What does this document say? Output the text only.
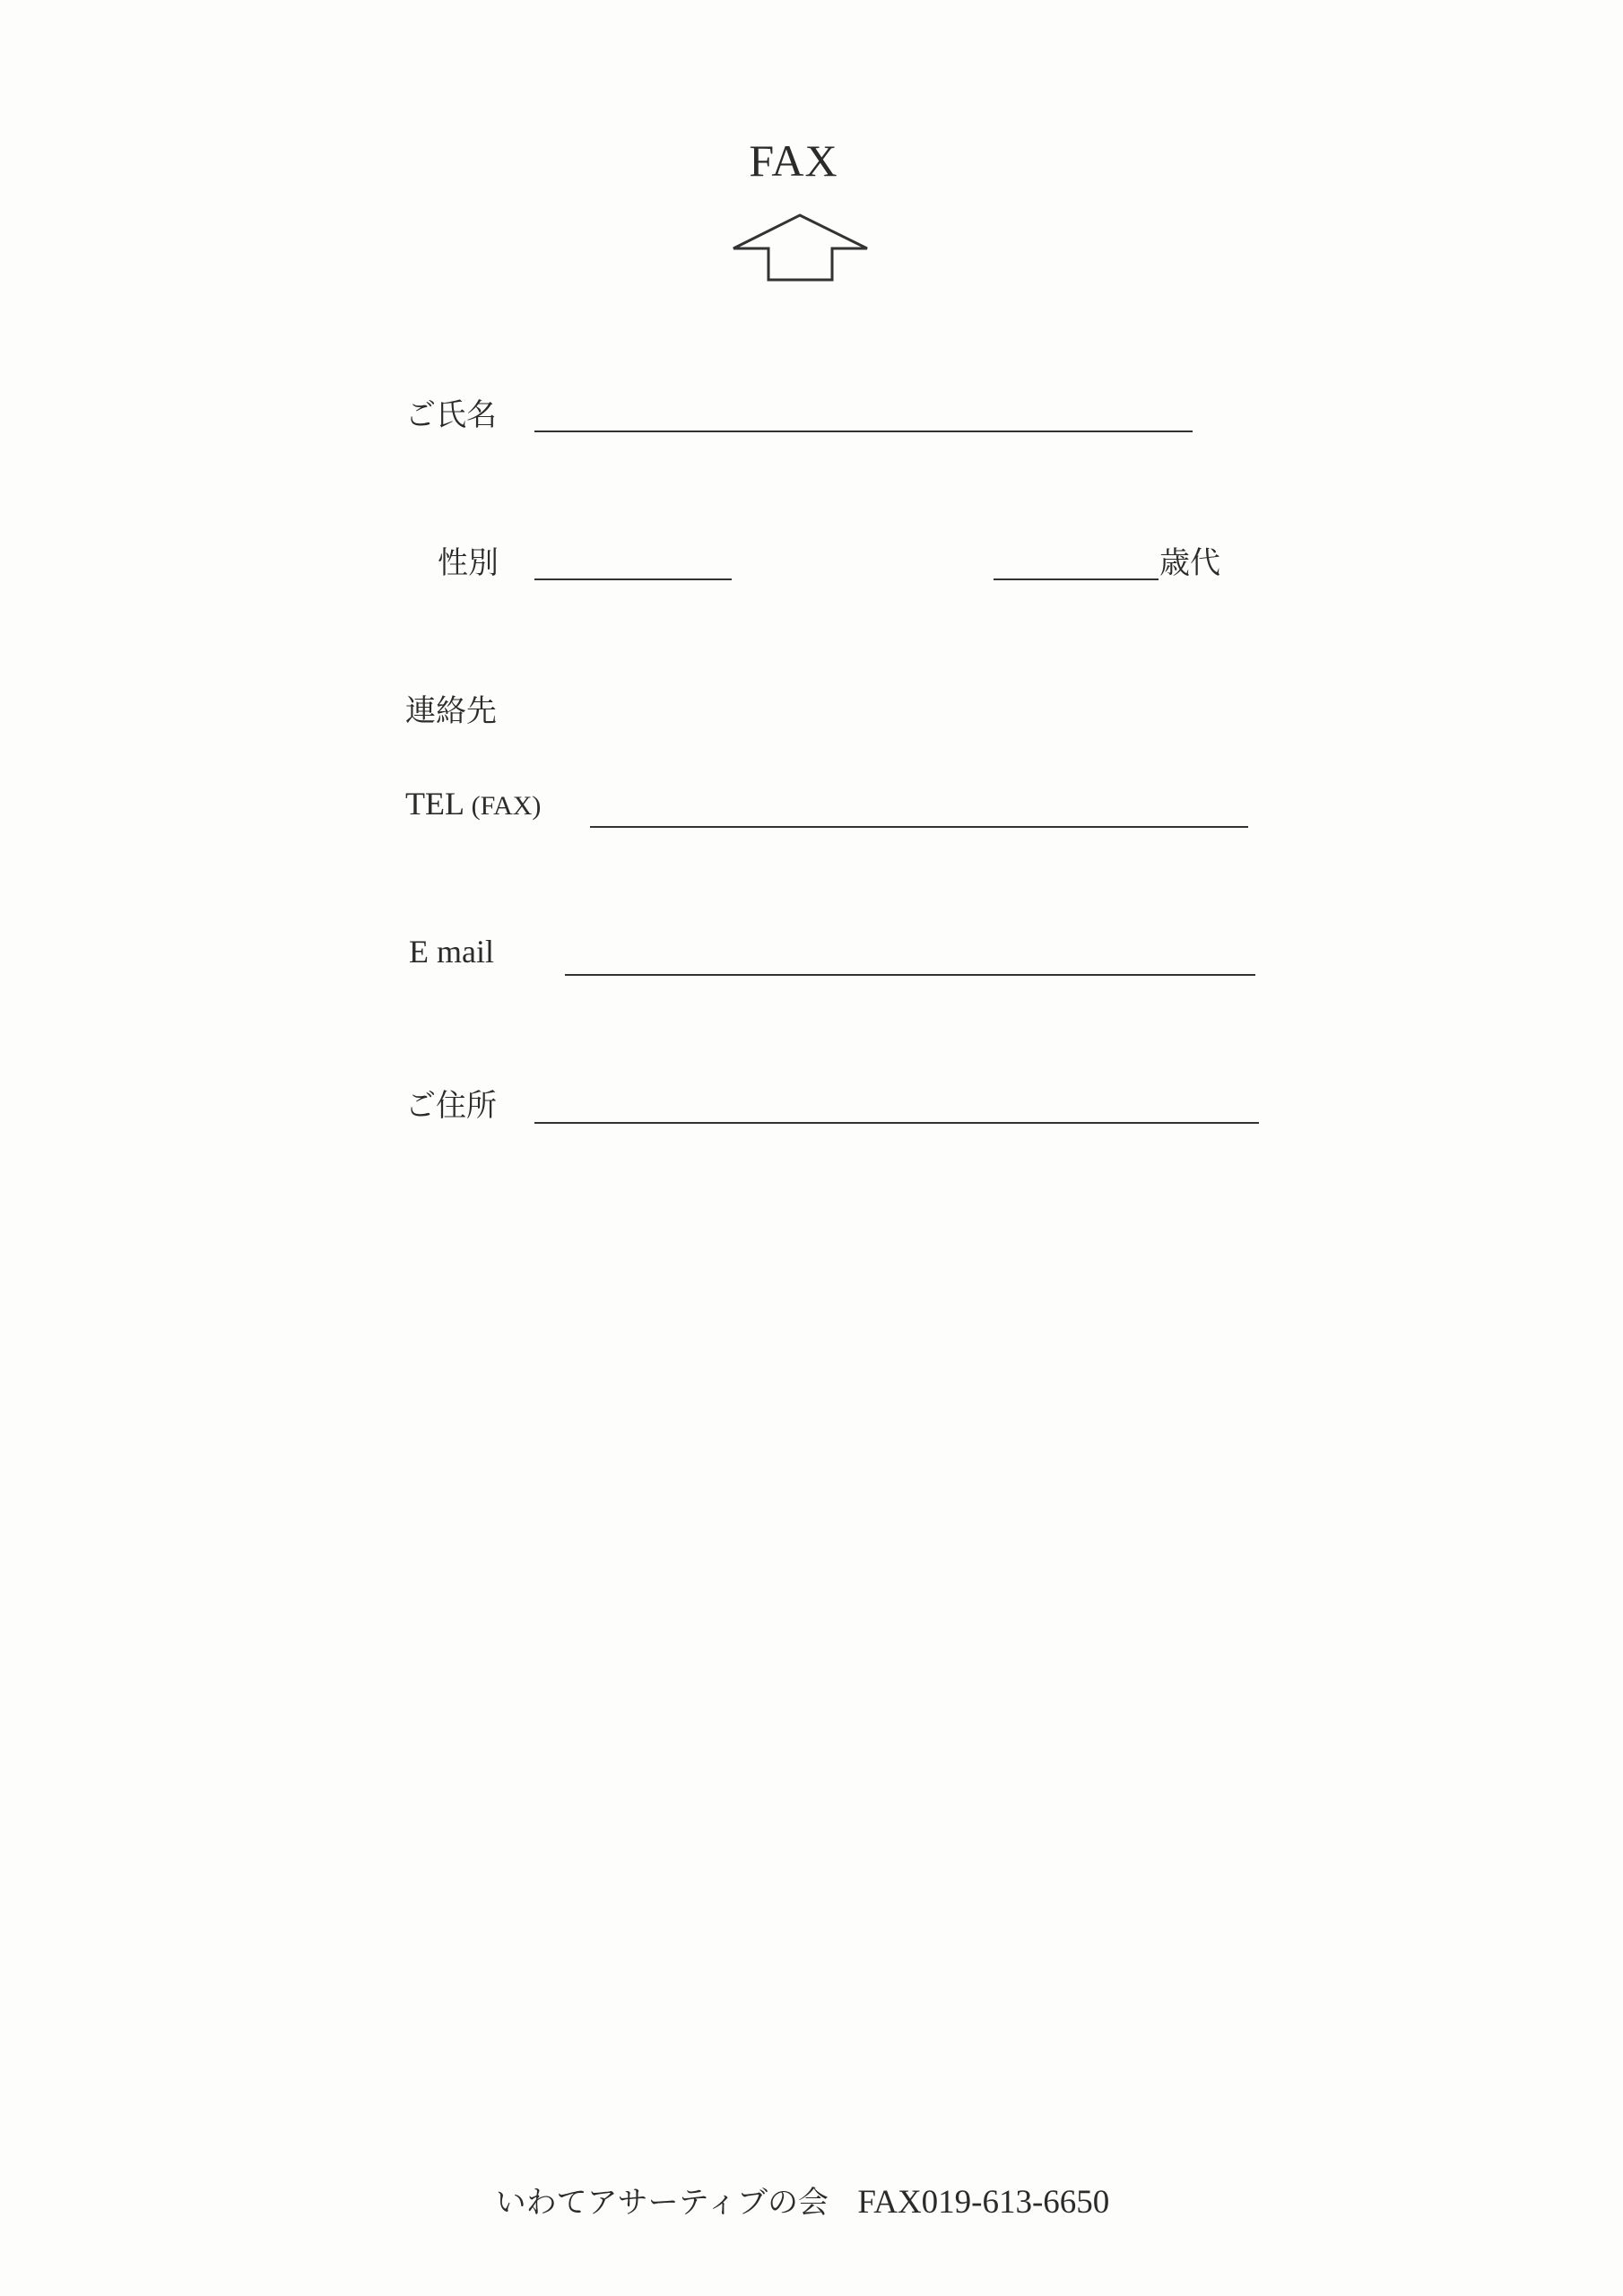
FAX
ご氏名
性別	歳代
連絡先
TEL (FAX)
E mail
ご住所
いわてアサーティブの会 FAX019-613-6650
